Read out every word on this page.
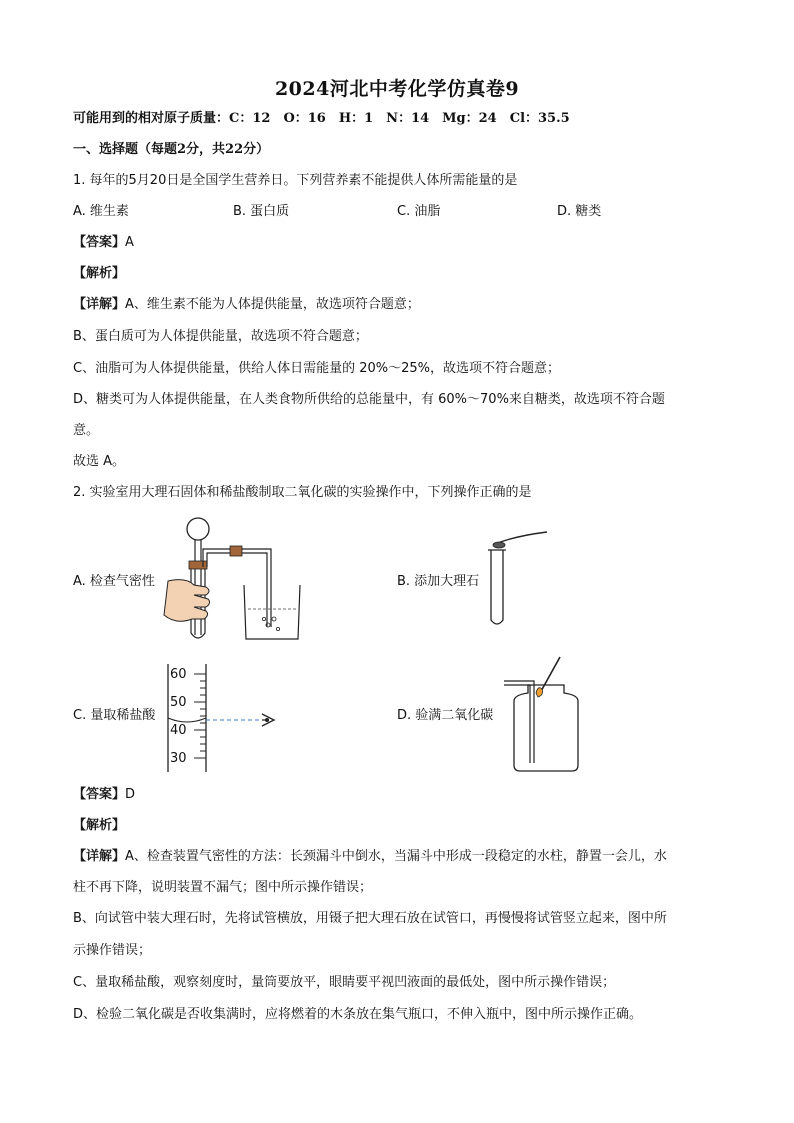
2024河北中考化学仿真卷9
可能用到的相对原子质量：C：12　O：16　H：1　N：14　Mg：24　Cl：35.5
一、选择题（每题2分，共22分）
1. 每年的5月20日是全国学生营养日。下列营养素不能提供人体所需能量的是
A. 维生素	B. 蛋白质	C. 油脂	D. 糖类
【答案】A
【解析】
【详解】A、维生素不能为人体提供能量，故选项符合题意；
B、蛋白质可为人体提供能量，故选项不符合题意；
C、油脂可为人体提供能量，供给人体日需能量的 20%～25%，故选项不符合题意；
D、糖类可为人体提供能量，在人类食物所供给的总能量中，有 60%～70%来自糖类，故选项不符合题
意。
故选 A。
2. 实验室用大理石固体和稀盐酸制取二氧化碳的实验操作中，下列操作正确的是
A. 检查气密性	B. 添加大理石
C. 量取稀盐酸
60
50
40
30
D. 验满二氧化碳
【答案】D
【解析】
【详解】A、检查装置气密性的方法：长颈漏斗中倒水，当漏斗中形成一段稳定的水柱，静置一会儿，水
柱不再下降，说明装置不漏气；图中所示操作错误；
B、向试管中装大理石时，先将试管横放，用镊子把大理石放在试管口，再慢慢将试管竖立起来，图中所
示操作错误；
C、量取稀盐酸，观察刻度时，量筒要放平，眼睛要平视凹液面的最低处，图中所示操作错误；
D、检验二氧化碳是否收集满时，应将燃着的木条放在集气瓶口，不伸入瓶中，图中所示操作正确。
